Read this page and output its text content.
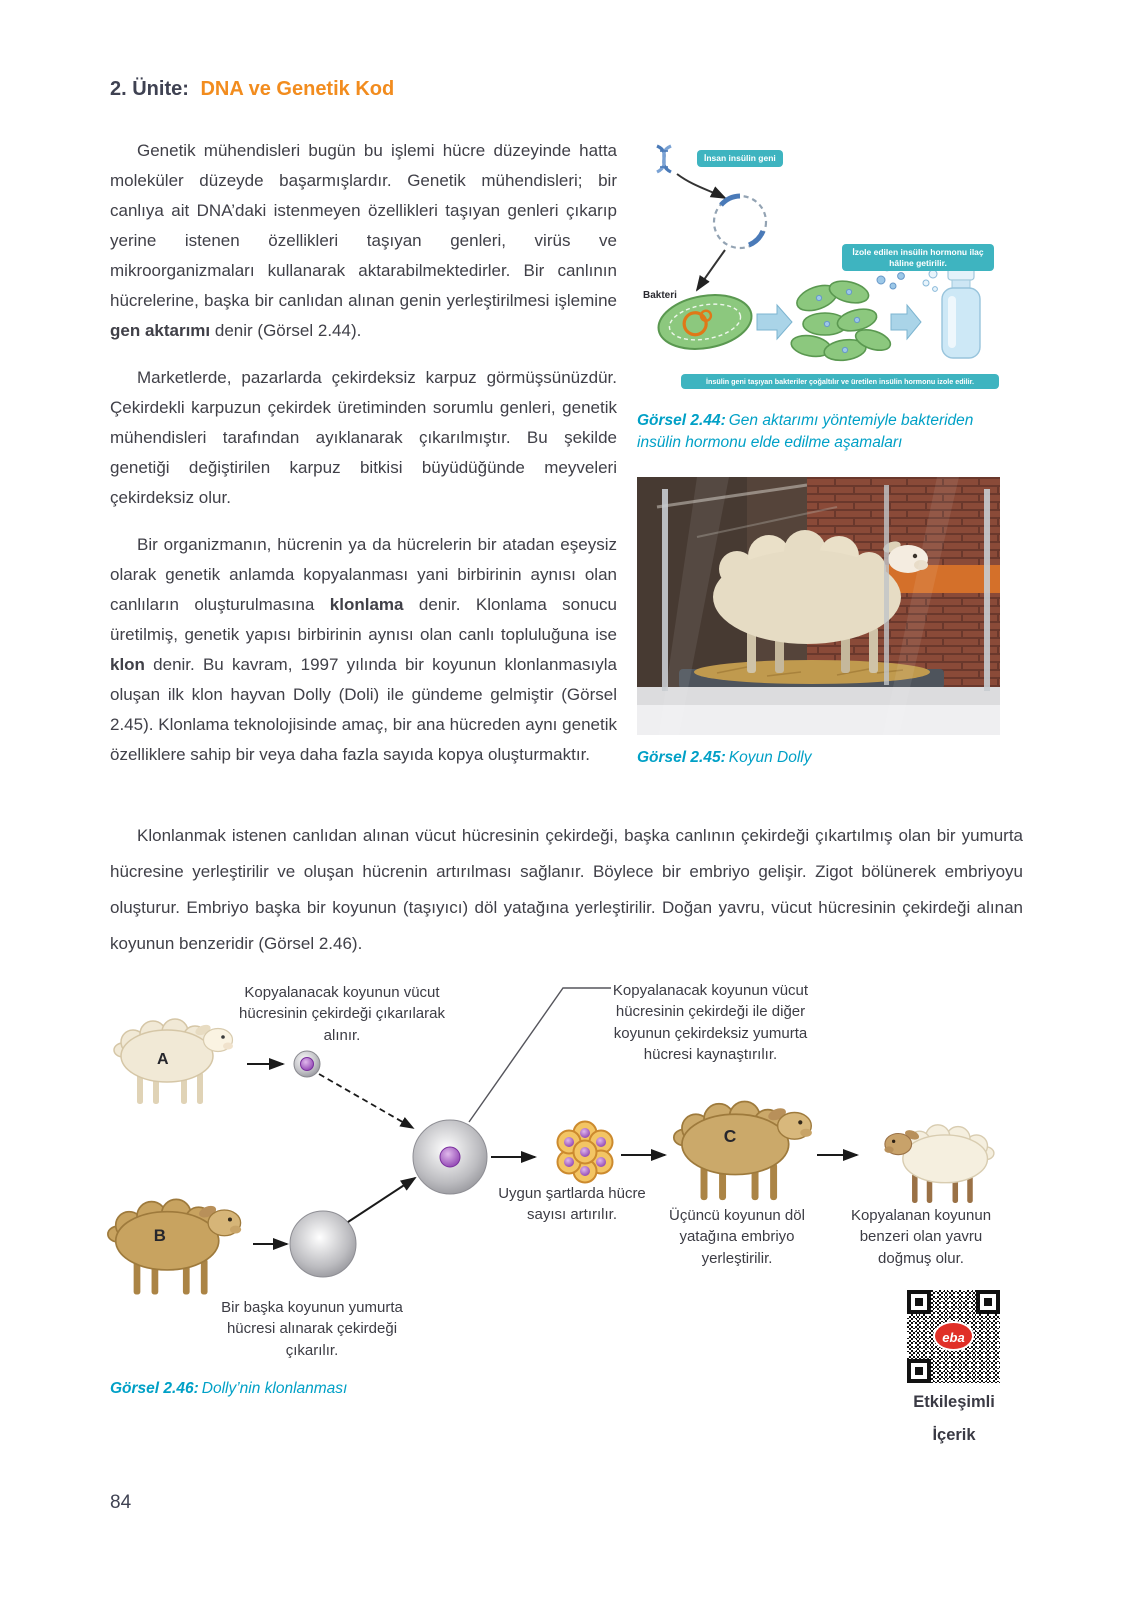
2. Ünite: DNA ve Genetik Kod

Genetik mühendisleri bugün bu işlemi hücre düzeyinde hatta moleküler düzeyde başarmışlardır. Genetik mühendisleri; bir canlıya ait DNA’daki istenmeyen özellikleri taşıyan genleri çıkarıp yerine istenen özellikleri taşıyan genleri, virüs ve mikroorganizmaları kullanarak aktarabilmektedirler. Bir canlının hücrelerine, başka bir canlıdan alınan genin yerleştirilmesi işlemine gen aktarımı denir (Görsel 2.44).

Marketlerde, pazarlarda çekirdeksiz karpuz görmüşsünüzdür. Çekirdekli karpuzun çekirdek üretiminden sorumlu genleri, genetik mühendisleri tarafından ayıklanarak çıkarılmıştır. Bu şekilde genetiği değiştirilen karpuz bitkisi büyüdüğünde meyveleri çekirdeksiz olur.

Bir organizmanın, hücrenin ya da hücrelerin bir atadan eşeysiz olarak genetik anlamda kopyalanması yani birbirinin aynısı olan canlıların oluşturulmasına klonlama denir. Klonlama sonucu üretilmiş, genetik yapısı birbirinin aynısı olan canlı topluluğuna ise klon denir. Bu kavram, 1997 yılında bir koyunun klonlanmasıyla oluşan ilk klon hayvan Dolly (Doli) ile gündeme gelmiştir (Görsel 2.45). Klonlama teknolojisinde amaç, bir ana hücreden aynı genetik özelliklere sahip bir veya daha fazla sayıda kopya oluşturmaktır.

İnsan insülin geni
İzole edilen insülin hormonu ilaç hâline getirilir.
İnsülin geni taşıyan bakteriler çoğaltılır ve üretilen insülin hormonu izole edilir.
Bakteri
Görsel 2.44: Gen aktarımı yöntemiyle bakteriden insülin hormonu elde edilme aşamaları
Görsel 2.45: Koyun Dolly

Klonlanmak istenen canlıdan alınan vücut hücresinin çekirdeği, başka canlının çekirdeği çıkartılmış olan bir yumurta hücresine yerleştirilir ve oluşan hücrenin artırılması sağlanır. Böylece bir embriyo gelişir. Zigot bölünerek embriyoyu oluşturur. Embriyo başka bir koyunun (taşıyıcı) döl yatağına yerleştirilir. Doğan yavru, vücut hücresinin çekirdeği alınan koyunun benzeridir (Görsel 2.46).

A
B
C
Kopyalanacak koyunun vücut hücresinin çekirdeği çıkarılarak alınır.
Kopyalanacak koyunun vücut hücresinin çekirdeği ile diğer koyunun çekirdeksiz yumurta hücresi kaynaştırılır.
Uygun şartlarda hücre sayısı artırılır.	Üçüncü koyunun döl yatağına embriyo yerleştirilir.
Kopyalanan koyunun benzeri olan yavru doğmuş olur.
Bir başka koyunun yumurta hücresi alınarak çekirdeği çıkarılır.
Görsel 2.46: Dolly’nin klonlanması
eba
Etkileşimli
İçerik
84
